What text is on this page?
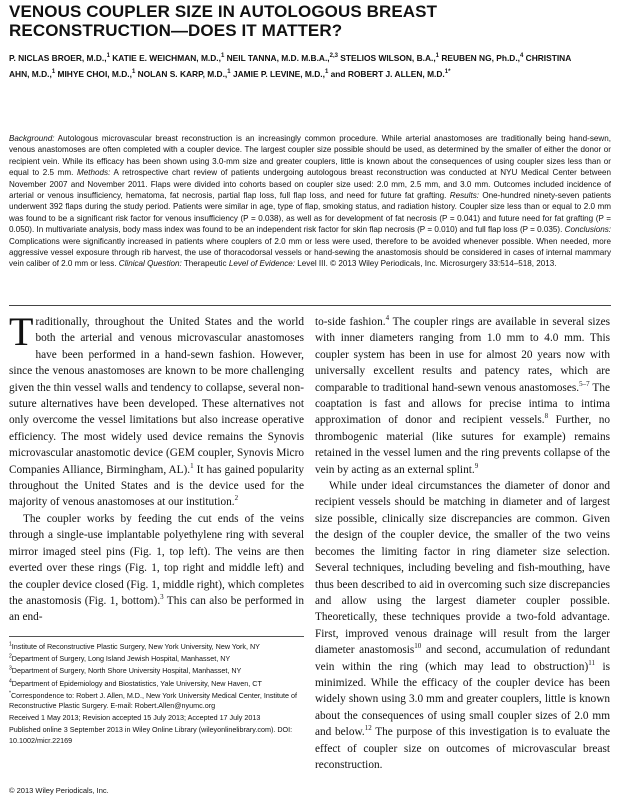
VENOUS COUPLER SIZE IN AUTOLOGOUS BREAST RECONSTRUCTION—DOES IT MATTER?

P. NICLAS BROER, M.D.,$^1$ KATIE E. WEICHMAN, M.D.,$^1$ NEIL TANNA, M.D. M.B.A.,$^{2,3}$ STELIOS WILSON, B.A.,$^1$ REUBEN NG, Ph.D.,$^4$ CHRISTINA AHN, M.D.,$^1$ MIHYE CHOI, M.D.,$^1$ NOLAN S. KARP, M.D.,$^1$ JAMIE P. LEVINE, M.D.,$^1$ and ROBERT J. ALLEN, M.D.$^{1*}$

Background: Autologous microvascular breast reconstruction is an increasingly common procedure. While arterial anastomoses are traditionally being hand-sewn, venous anastomoses are often completed with a coupler device. The largest coupler size possible should be used, as determined by the smaller of either the donor or recipient vein. While its efficacy has been shown using 3.0-mm size and greater couplers, little is known about the consequences of using coupler sizes less than or equal to 2.5 mm. Methods: A retrospective chart review of patients undergoing autologous breast reconstruction was conducted at NYU Medical Center between November 2007 and November 2011. Flaps were divided into cohorts based on coupler size used: 2.0 mm, 2.5 mm, and 3.0 mm. Outcomes included incidence of arterial or venous insufficiency, hematoma, fat necrosis, partial flap loss, full flap loss, and need for future fat grafting. Results: One-hundred ninety-seven patients underwent 392 flaps during the study period. Patients were similar in age, type of flap, smoking status, and radiation history. Coupler size less than or equal to 2.0 mm was found to be a significant risk factor for venous insufficiency (P = 0.038), as well as for development of fat necrosis (P = 0.041) and future need for fat grafting (P = 0.050). In multivariate analysis, body mass index was found to be an independent risk factor for skin flap necrosis (P = 0.010) and full flap loss (P = 0.035). Conclusions: Complications were significantly increased in patients where couplers of 2.0 mm or less were used, therefore to be avoided whenever possible. When needed, more aggressive vessel exposure through rib harvest, the use of thoracodorsal vessels or hand-sewing the anastomosis should be considered in cases of internal mammary vein caliber of 2.0 mm or less. Clinical Question: Therapeutic Level of Evidence: Level III. © 2013 Wiley Periodicals, Inc. Microsurgery 33:514–518, 2013.

Traditionally, throughout the United States and the world both the arterial and venous microvascular anastomoses have been performed in a hand-sewn fashion. However, since the venous anastomoses are known to be more challenging given the thin vessel walls and tendency to collapse, several non-suture alternatives have been developed. These alternatives not only overcome the vessel limitations but also increase operative efficiency. The most widely used device remains the Synovis microvascular anastomotic device (GEM coupler, Synovis Micro Companies Alliance, Birmingham, AL).$^1$ It has gained popularity throughout the United States and is the device used for the majority of venous anastomoses at our institution.$^2$

The coupler works by feeding the cut ends of the veins through a single-use implantable polyethylene ring with several mirror imaged steel pins (Fig. 1, top left). The veins are then everted over these rings (Fig. 1, top right and middle left) and the coupler device closed (Fig. 1, middle right), which completes the anastomosis (Fig. 1, bottom).$^3$ This can also be performed in an end-

$^1$Institute of Reconstructive Plastic Surgery, New York University, New York, NY

$^2$Department of Surgery, Long Island Jewish Hospital, Manhasset, NY

$^3$Department of Surgery, North Shore University Hospital, Manhasset, NY

$^4$Department of Epidemiology and Biostatistics, Yale University, New Haven, CT

*Correspondence to: Robert J. Allen, M.D., New York University Medical Center, Institute of Reconstructive Plastic Surgery. E-mail: Robert.Allen@nyumc.org

Received 1 May 2013; Revision accepted 15 July 2013; Accepted 17 July 2013

Published online 3 September 2013 in Wiley Online Library (wileyonlinelibrary.com). DOI: 10.1002/micr.22169

© 2013 Wiley Periodicals, Inc.

to-side fashion.$^4$ The coupler rings are available in several sizes with inner diameters ranging from 1.0 mm to 4.0 mm. This coupler system has been in use for almost 20 years now with universally excellent results and patency rates, which are comparable to traditional hand-sewn venous anastomoses.$^{5-7}$ The coaptation is fast and allows for precise intima to intima approximation of donor and recipient vessels.$^8$ Further, no thrombogenic material (like sutures for example) remains retained in the vessel lumen and the ring prevents collapse of the vein by acting as an external splint.$^9$

While under ideal circumstances the diameter of donor and recipient vessels should be matching in diameter and of largest size possible, clinically size discrepancies are common. Given the design of the coupler device, the smaller of the two veins becomes the limiting factor in ring diameter size selection. Several techniques, including beveling and fish-mouthing, have thus been described to aid in overcoming such size discrepancies and allow using the largest diameter coupler possible. Theoretically, these techniques provide a two-fold advantage. First, improved venous drainage will result from the larger diameter anastomosis$^{10}$ and second, accumulation of redundant vein within the ring (which may lead to obstruction)$^{11}$ is minimized. While the efficacy of the coupler device has been widely shown using 3.0 mm and greater couplers, little is known about the consequences of using small coupler sizes of 2.0 mm and below.$^{12}$ The purpose of this investigation is to evaluate the effect of coupler size on outcomes of microvascular breast reconstruction.
